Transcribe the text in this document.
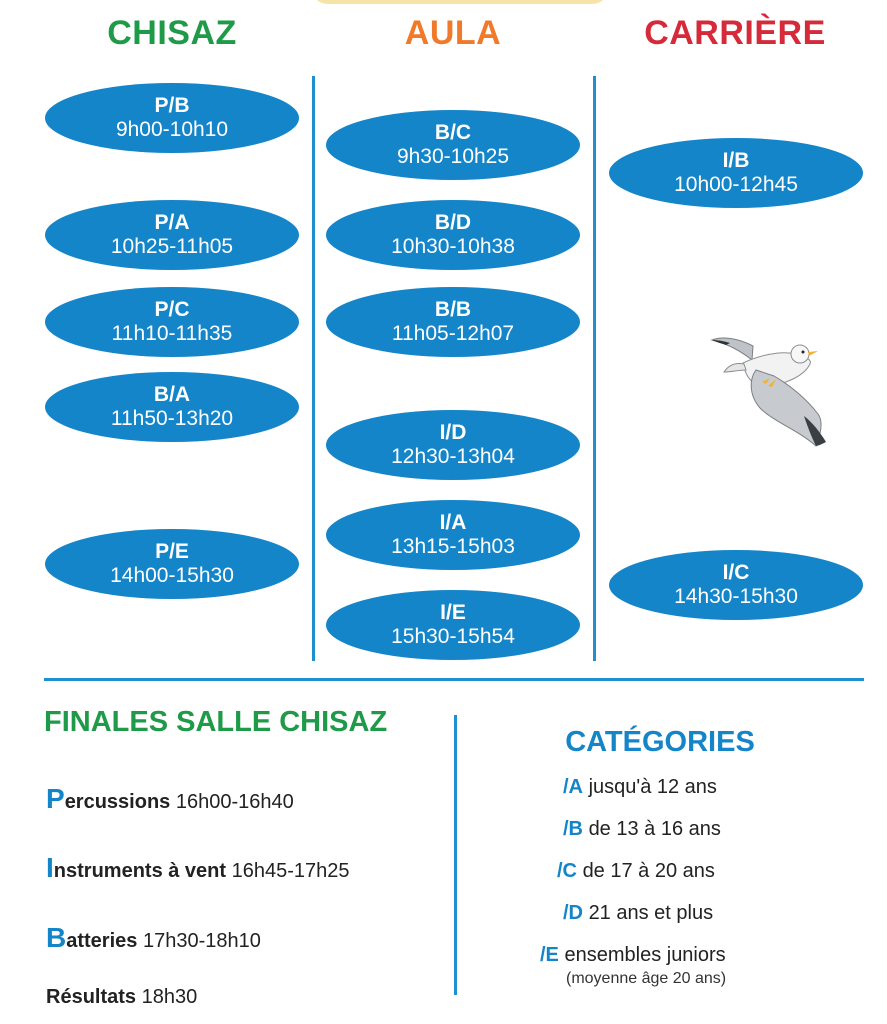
CHISAZ	AULA	CARRIÈRE
P/B
9h00-10h10
P/A
10h25-11h05
P/C
11h10-11h35
B/A
11h50-13h20
P/E
14h00-15h30
B/C
9h30-10h25
B/D
10h30-10h38
B/B
11h05-12h07
I/D
12h30-13h04
I/A
13h15-15h03
I/E
15h30-15h54
I/B
10h00-12h45
I/C
14h30-15h30
FINALES SALLE CHISAZ
Percussions 16h00-16h40
Instruments à vent 16h45-17h25
Batteries 17h30-18h10
Résultats 18h30
CATÉGORIES
/A jusqu'à 12 ans
/B de 13 à 16 ans
/C de 17 à 20 ans
/D 21 ans et plus
/E ensembles juniors
(moyenne âge 20 ans)
